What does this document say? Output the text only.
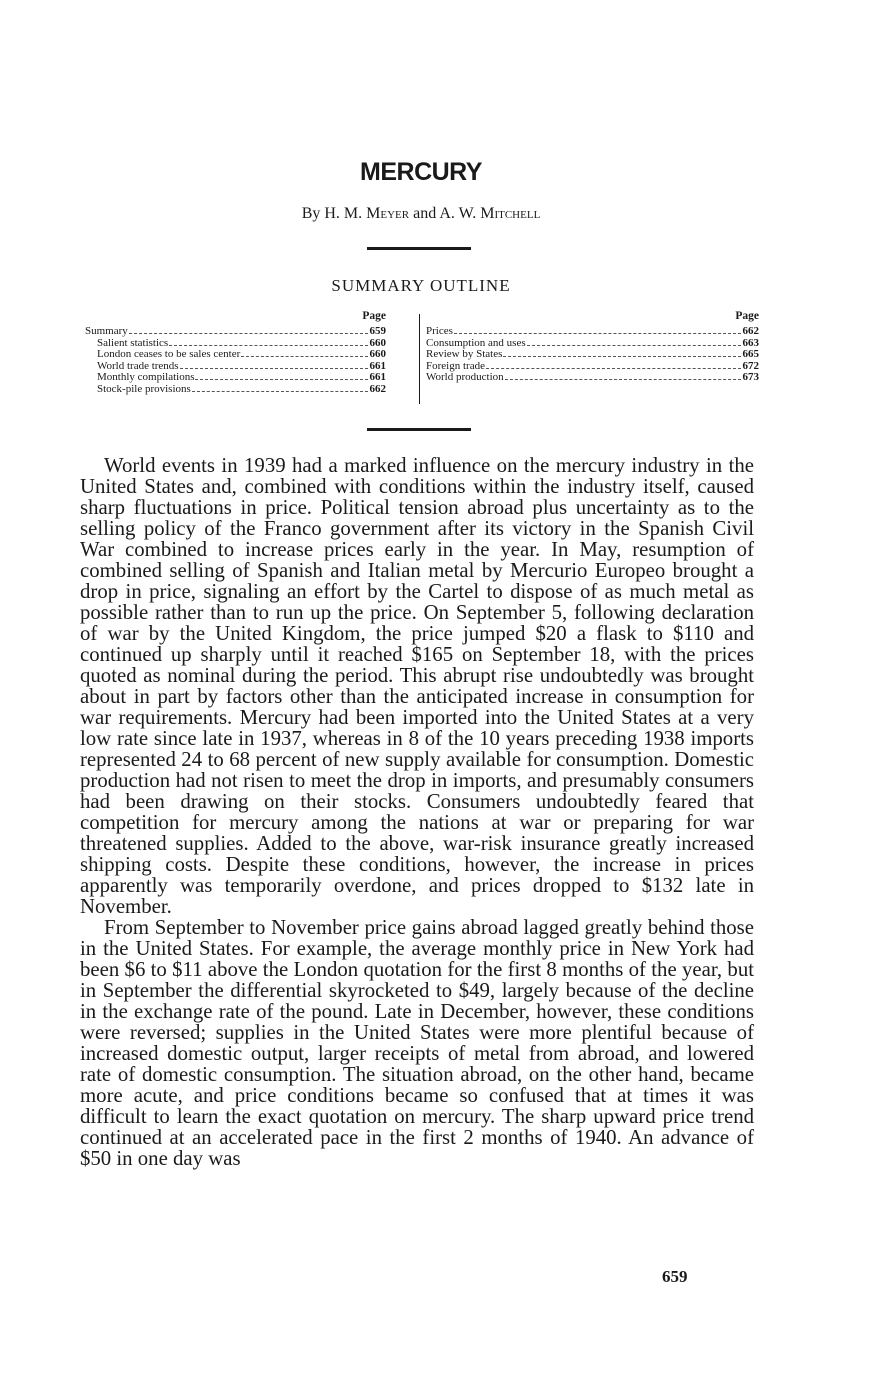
MERCURY
By H. M. Meyer and A. W. Mitchell
SUMMARY OUTLINE
Page
Summary	659
Salient statistics	660
London ceases to be sales center	660
World trade trends	661
Monthly compilations	661
Stock-pile provisions	662
Page
Prices	662
Consumption and uses	663
Review by States	665
Foreign trade	672
World production	673

World events in 1939 had a marked influence on the mercury industry in the United States and, combined with conditions within the industry itself, caused sharp fluctuations in price. Political tension abroad plus uncertainty as to the selling policy of the Franco government after its victory in the Spanish Civil War combined to increase prices early in the year. In May, resumption of combined selling of Spanish and Italian metal by Mercurio Europeo brought a drop in price, signaling an effort by the Cartel to dispose of as much metal as possible rather than to run up the price. On September 5, following declaration of war by the United Kingdom, the price jumped $20 a flask to $110 and continued up sharply until it reached $165 on September 18, with the prices quoted as nominal during the period. This abrupt rise undoubtedly was brought about in part by factors other than the anticipated increase in consumption for war requirements. Mercury had been imported into the United States at a very low rate since late in 1937, whereas in 8 of the 10 years preceding 1938 imports represented 24 to 68 percent of new supply available for consumption. Domestic production had not risen to meet the drop in imports, and presumably consumers had been drawing on their stocks. Consumers undoubtedly feared that competition for mercury among the nations at war or preparing for war threatened supplies. Added to the above, war-risk insurance greatly increased shipping costs. Despite these conditions, however, the increase in prices apparently was temporarily overdone, and prices dropped to $132 late in November.

From September to November price gains abroad lagged greatly behind those in the United States. For example, the average monthly price in New York had been $6 to $11 above the London quotation for the first 8 months of the year, but in September the differential skyrocketed to $49, largely because of the decline in the exchange rate of the pound. Late in December, however, these conditions were reversed; supplies in the United States were more plentiful because of increased domestic output, larger receipts of metal from abroad, and lowered rate of domestic consumption. The situation abroad, on the other hand, became more acute, and price conditions became so confused that at times it was difficult to learn the exact quotation on mercury. The sharp upward price trend continued at an accelerated pace in the first 2 months of 1940. An advance of $50 in one day was

659
